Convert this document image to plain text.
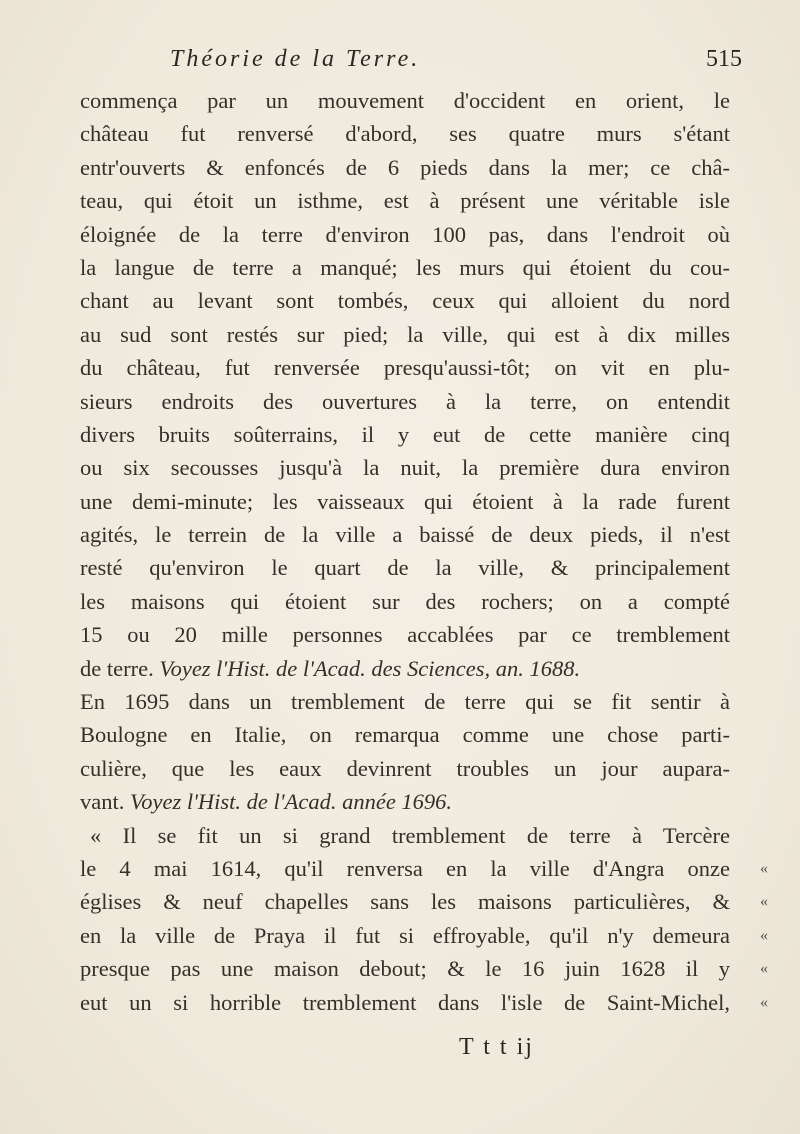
Théorie de la Terre.	515
commença par un mouvement d'occident en orient, le
château fut renversé d'abord, ses quatre murs s'étant
entr'ouverts & enfoncés de 6 pieds dans la mer; ce châ-
teau, qui étoit un isthme, est à présent une véritable isle
éloignée de la terre d'environ 100 pas, dans l'endroit où
la langue de terre a manqué; les murs qui étoient du cou-
chant au levant sont tombés, ceux qui alloient du nord
au sud sont restés sur pied; la ville, qui est à dix milles
du château, fut renversée presqu'aussi-tôt; on vit en plu-
sieurs endroits des ouvertures à la terre, on entendit
divers bruits soûterrains, il y eut de cette manière cinq
ou six secousses jusqu'à la nuit, la première dura environ
une demi-minute; les vaisseaux qui étoient à la rade furent
agités, le terrein de la ville a baissé de deux pieds, il n'est
resté qu'environ le quart de la ville, & principalement
les maisons qui étoient sur des rochers; on a compté
15 ou 20 mille personnes accablées par ce tremblement
de terre. Voyez l'Hist. de l'Acad. des Sciences, an. 1688.
En 1695 dans un tremblement de terre qui se fit sentir à
Boulogne en Italie, on remarqua comme une chose parti-
culière, que les eaux devinrent troubles un jour aupara-
vant. Voyez l'Hist. de l'Acad. année 1696.
« Il se fit un si grand tremblement de terre à Tercère
le 4 mai 1614, qu'il renversa en la ville d'Angra onze «
églises & neuf chapelles sans les maisons particulières, & «
en la ville de Praya il fut si effroyable, qu'il n'y demeura «
presque pas une maison debout; & le 16 juin 1628 il y «
eut un si horrible tremblement dans l'isle de Saint-Michel, «
T t t ij
